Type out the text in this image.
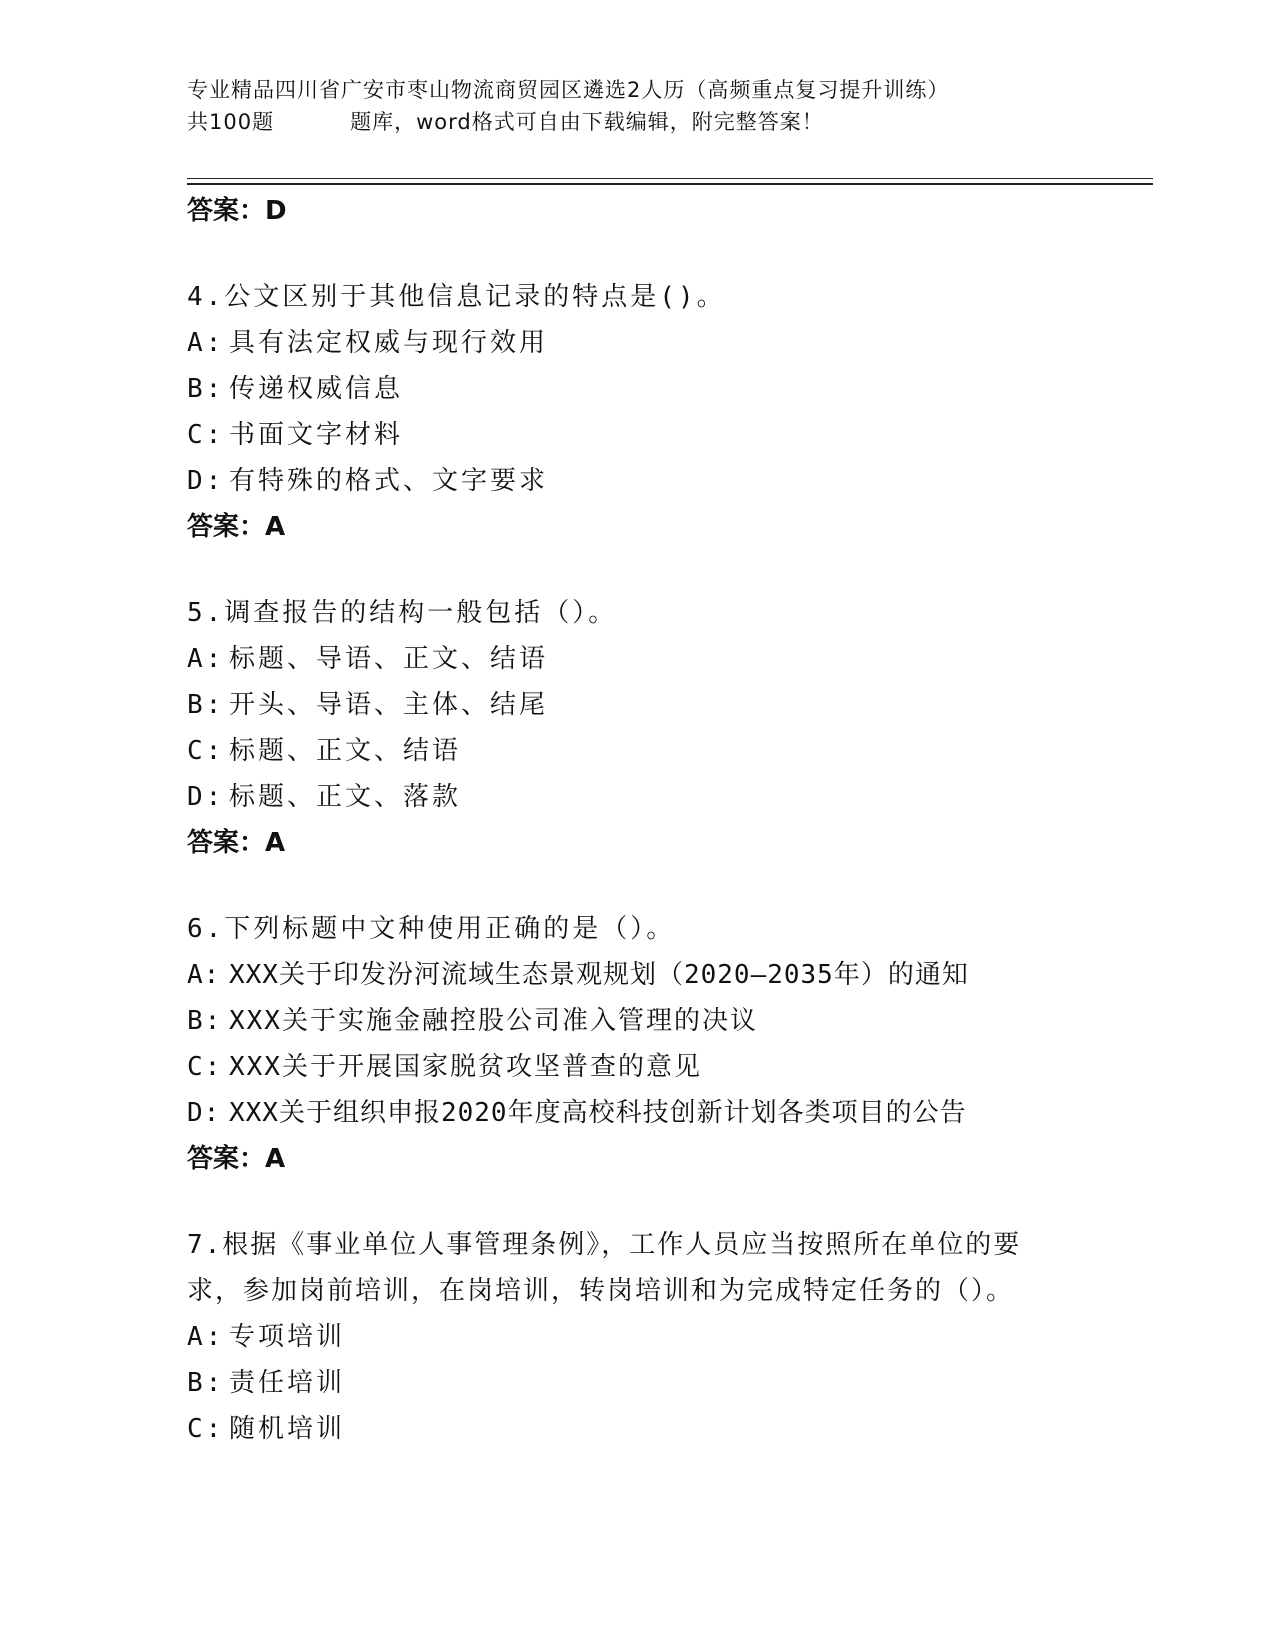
专业精品四川省广安市枣山物流商贸园区遴选2人历（高频重点复习提升训练）
共100题	题库，word格式可自由下载编辑，附完整答案！
答案：D
4.公文区别于其他信息记录的特点是()。
A: 具有法定权威与现行效用
B: 传递权威信息
C: 书面文字材料
D: 有特殊的格式、文字要求
答案：A
5.调查报告的结构一般包括（）。
A: 标题、导语、正文、结语
B: 开头、导语、主体、结尾
C: 标题、正文、结语
D: 标题、正文、落款
答案：A
6.下列标题中文种使用正确的是（）。
A: XXX关于印发汾河流域生态景观规划（2020—2035年）的通知
B: XXX关于实施金融控股公司准入管理的决议
C: XXX关于开展国家脱贫攻坚普查的意见
D: XXX关于组织申报2020年度高校科技创新计划各类项目的公告
答案：A
7.根据《事业单位人事管理条例》，工作人员应当按照所在单位的要
求，参加岗前培训，在岗培训，转岗培训和为完成特定任务的（）。
A: 专项培训
B: 责任培训
C: 随机培训
